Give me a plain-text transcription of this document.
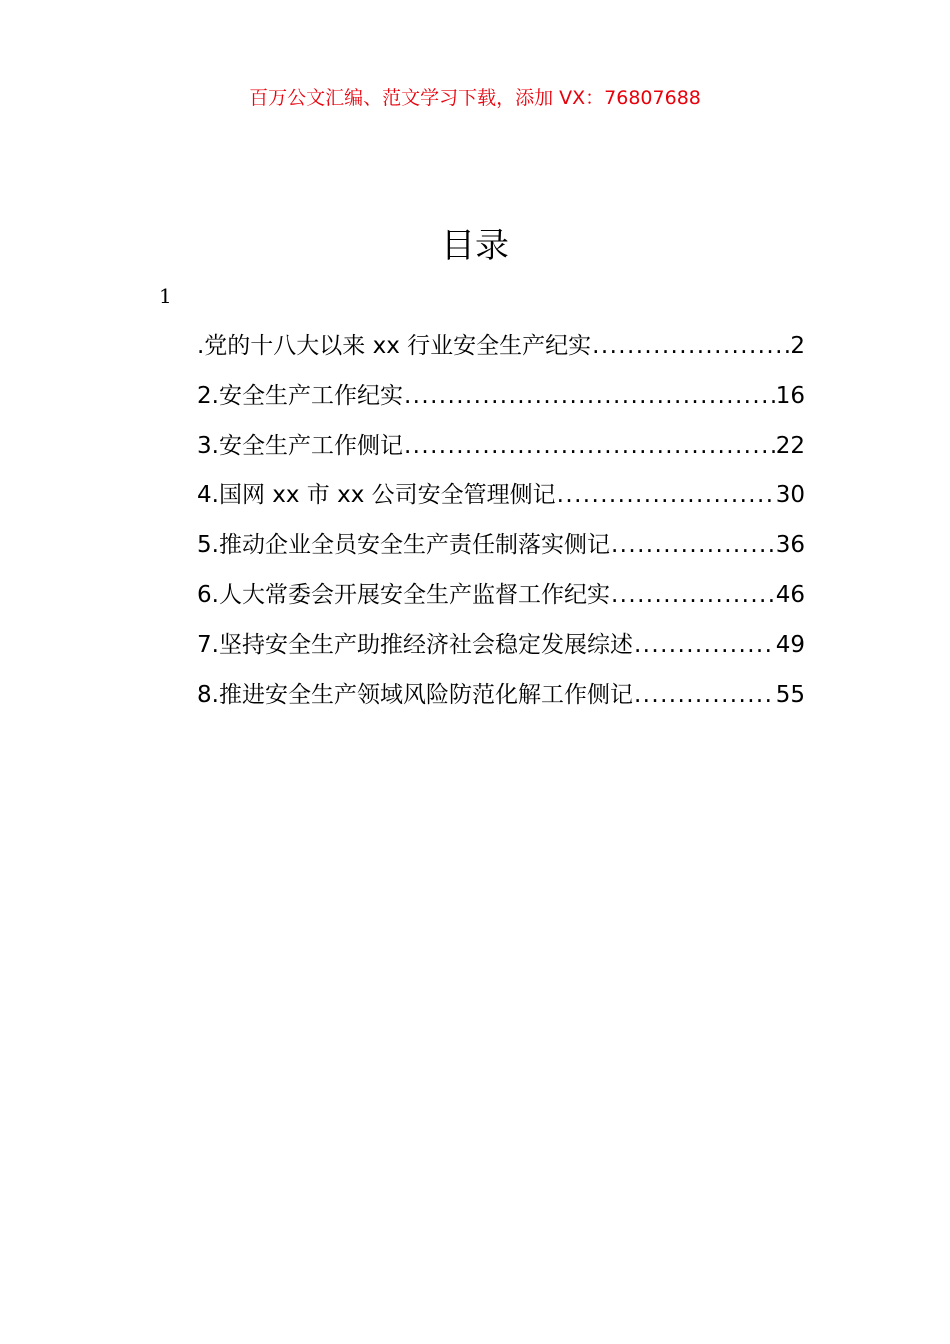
百万公文汇编、范文学习下载，添加 VX：76807688
目录
1
.党的十八大以来 xx 行业安全生产纪实 .....	2
2.安全生产工作纪实 .....	16
3.安全生产工作侧记 .....	22
4.国网 xx 市 xx 公司安全管理侧记 .....	30
5.推动企业全员安全生产责任制落实侧记 .....	36
6.人大常委会开展安全生产监督工作纪实 .....	46
7.坚持安全生产助推经济社会稳定发展综述 .....	49
8.推进安全生产领域风险防范化解工作侧记 .....	55
